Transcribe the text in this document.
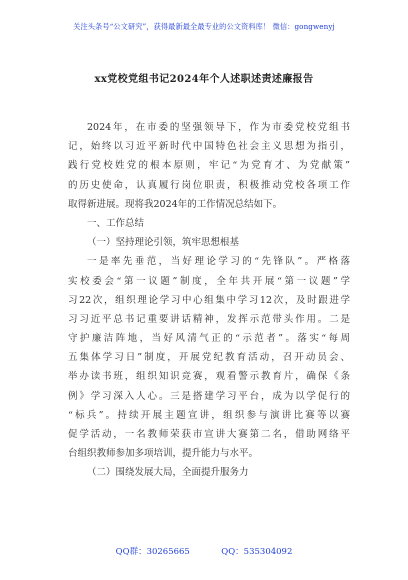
关注头条号“公文研究”，获得最新最全最专业的公文资料库！ 微信：gongwenyj
xx党校党组书记2024年个人述职述责述廉报告
2024年，在市委的坚强领导下，作为市委党校党组书
记，始终以习近平新时代中国特色社会主义思想为指引，
践行党校姓党的根本原则，牢记“为党育才、为党献策”
的历史使命，认真履行岗位职责，积极推动党校各项工作
取得新进展。现将我2024年的工作情况总结如下。
一、工作总结
（一）坚持理论引领，筑牢思想根基
一是率先垂范，当好理论学习的“先锋队”。严格落
实校委会“第一议题”制度，全年共开展“第一议题”学
习22次，组织理论学习中心组集中学习12次，及时跟进学
习习近平总书记重要讲话精神，发挥示范带头作用。二是
守护廉洁阵地，当好风清气正的“示范者”。落实“每周
五集体学习日”制度，开展党纪教育活动，召开动员会、
举办读书班，组织知识竞赛，观看警示教育片，确保《条
例》学习深入人心。三是搭建学习平台，成为以学促行的
“标兵”。持续开展主题宣讲，组织参与演讲比赛等以赛
促学活动，一名教师荣获市宣讲大赛第二名，借助网络平
台组织教师参加多项培训，提升能力与水平。
（二）围绕发展大局，全面提升服务力
QQ群：30265665	QQ：535304092
